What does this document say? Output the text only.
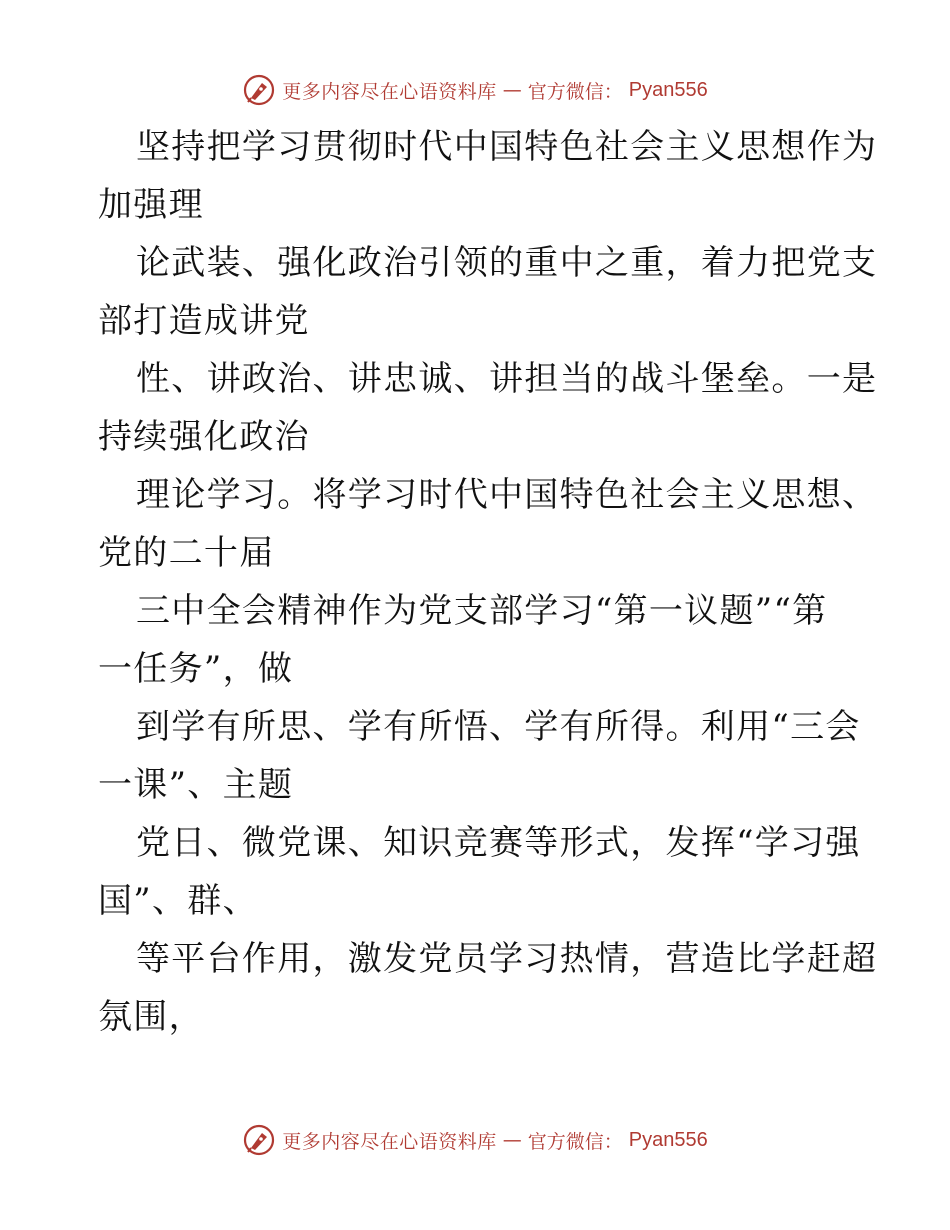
更多内容尽在心语资料库 — 官方微信： Pyan556
坚持把学习贯彻时代中国特色社会主义思想作为
加强理
论武装、强化政治引领的重中之重，着力把党支
部打造成讲党
性、讲政治、讲忠诚、讲担当的战斗堡垒。一是
持续强化政治
理论学习。将学习时代中国特色社会主义思想、
党的二十届
三中全会精神作为党支部学习“第一议题”“第
一任务”，做
到学有所思、学有所悟、学有所得。利用“三会
一课”、主题
党日、微党课、知识竞赛等形式，发挥“学习强
国”、群、
等平台作用，激发党员学习热情，营造比学赶超
氛围，
更多内容尽在心语资料库 — 官方微信： Pyan556
